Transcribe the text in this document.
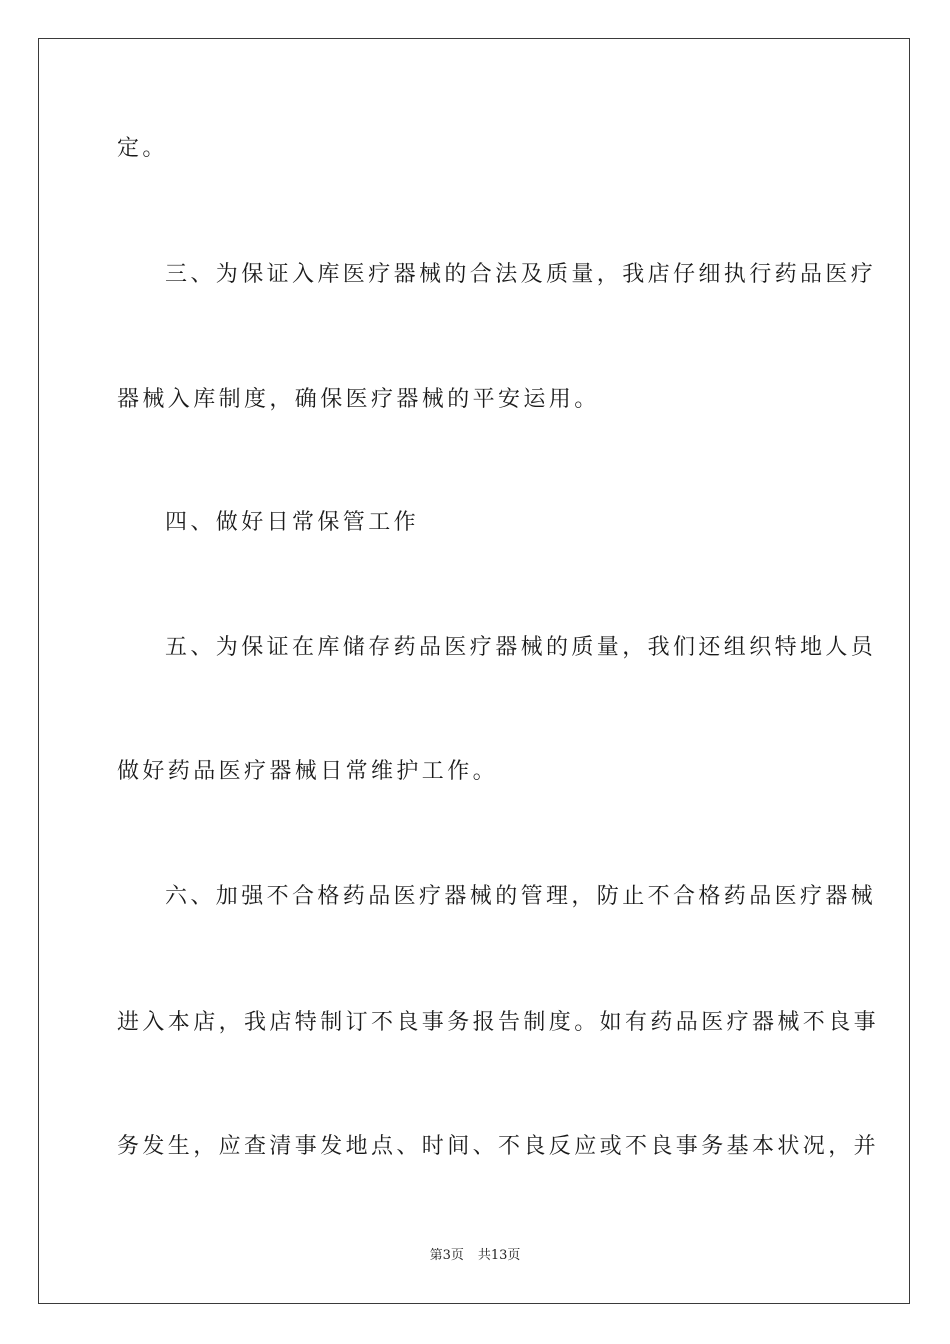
定。
三、为保证入库医疗器械的合法及质量，我店仔细执行药品医疗
器械入库制度，确保医疗器械的平安运用。
四、做好日常保管工作
五、为保证在库储存药品医疗器械的质量，我们还组织特地人员
做好药品医疗器械日常维护工作。
六、加强不合格药品医疗器械的管理，防止不合格药品医疗器械
进入本店，我店特制订不良事务报告制度。如有药品医疗器械不良事
务发生，应查清事发地点、时间、不良反应或不良事务基本状况，并
第3页 共13页
